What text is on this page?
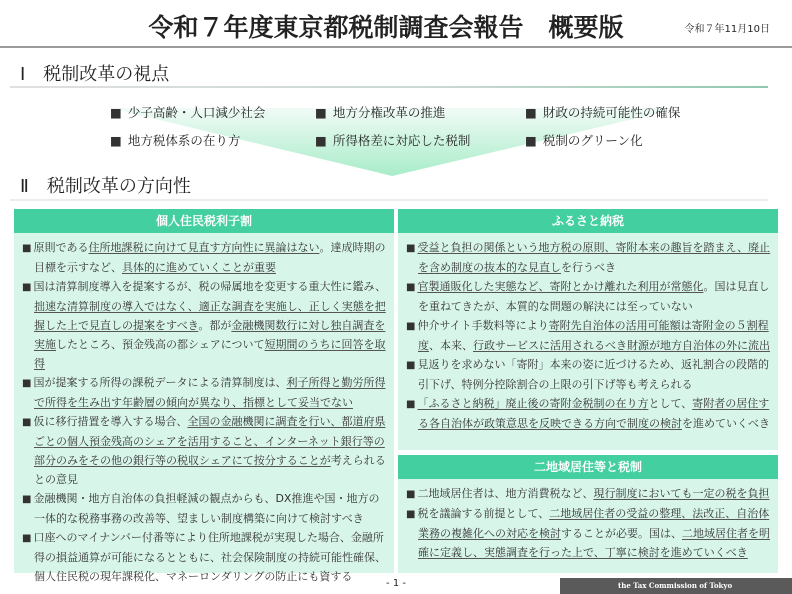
令和７年度東京都税制調査会報告　概要版	令和７年11月10日
Ⅰ　税制改革の視点
■ 少子高齢・人口減少社会	■ 地方分権改革の推進	■ 財政の持続可能性の確保
■ 地方税体系の在り方	■ 所得格差に対応した税制	■ 税制のグリーン化
Ⅱ　税制改革の方向性
個人住民税利子割
■ 原則である住所地課税に向けて見直す方向性に異論はない。達成時期の目標を示すなど、具体的に進めていくことが重要
■ 国は清算制度導入を提案するが、税の帰属地を変更する重大性に鑑み、拙速な清算制度の導入ではなく、適正な調査を実施し、正しく実態を把握した上で見直しの提案をすべき。都が金融機関数行に対し独自調査を実施したところ、預金残高の都シェアについて短期間のうちに回答を取得
■ 国が提案する所得の課税データによる清算制度は、利子所得と勤労所得で所得を生み出す年齢層の傾向が異なり、指標として妥当でない
■ 仮に移行措置を導入する場合、全国の金融機関に調査を行い、都道府県ごとの個人預金残高のシェアを活用すること、インターネット銀行等の部分のみをその他の銀行等の税収シェアにて按分することが考えられるとの意見
■ 金融機関・地方自治体の負担軽減の観点からも、DX推進や国・地方の一体的な税務事務の改善等、望ましい制度構築に向けて検討すべき
■ 口座へのマイナンバー付番等により住所地課税が実現した場合、金融所得の損益通算が可能になるとともに、社会保険制度の持続可能性確保、個人住民税の現年課税化、マネーロンダリングの防止にも資する
ふるさと納税
■ 受益と負担の関係という地方税の原則、寄附本来の趣旨を踏まえ、廃止を含め制度の抜本的な見直しを行うべき
■ 官製通販化した実態など、寄附とかけ離れた利用が常態化。国は見直しを重ねてきたが、本質的な問題の解決には至っていない
■ 仲介サイト手数料等により寄附先自治体の活用可能額は寄附金の５割程度、本来、行政サービスに活用されるべき財源が地方自治体の外に流出
■ 見返りを求めない「寄附」本来の姿に近づけるため、返礼割合の段階的引下げ、特例分控除割合の上限の引下げ等も考えられる
■ 「ふるさと納税」廃止後の寄附金税制の在り方として、寄附者の居住する各自治体が政策意思を反映できる方向で制度の検討を進めていくべき
二地域居住等と税制
■ 二地域居住者は、地方消費税など、現行制度においても一定の税を負担
■ 税を議論する前提として、二地域居住者の受益の整理、法改正、自治体業務の複雑化への対応を検討することが必要。国は、二地域居住者を明確に定義し、実態調査を行った上で、丁寧に検討を進めていくべき
- 1 -	the Tax Commission of Tokyo
